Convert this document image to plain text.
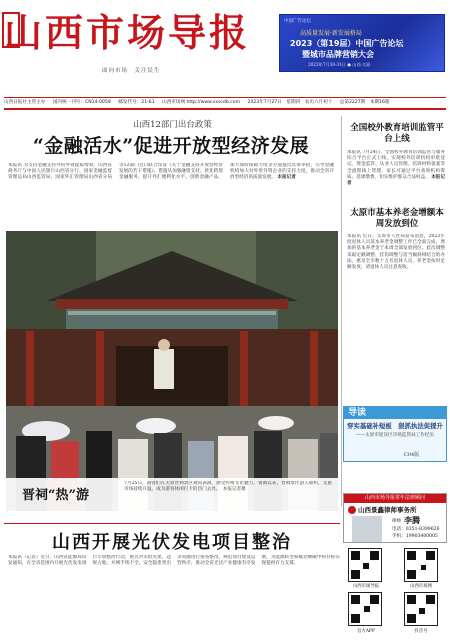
山西市场导报
面向市场　关注民生
中国广告论坛
高质量发展·新发展格局
2023（第19届）中国广告论坛
暨城市品牌营销大会
2023年7月30-31日 ● 山西·太原
山西日报社主管主办 国内统一刊号：CN14-0059 邮发代号：21-61 山西市场网 http://www.sxscdb.com 2023年7月27日　星期四　农历六月初十 总第2227期　本期16版
山西12部门出台政策
“金融活水”促进开放型经济发展
本报讯 为支持金融支持外贸外资提质增效，山西省商务厅与中国人民银行山西省分行、国家金融监督管理总局山西监管局、国家外汇管理局山西省分局等12部门近日联合印发《关于金融支持开放型经济发展的若干措施》。措施从加强融资支持、优化跨境金融服务、提升外汇便利化水平、创新金融产品、加大保险保障力度等方面提出具体举措，引导金融机构加大对外贸外资企业的支持力度，推动全省开放型经济高质量发展。 本报记者
晋祠“热”游
7月25日，游客们在太原晋祠景区观赏表演，感受传统文化魅力。暑期以来，晋祠景区游人如织，文旅市场持续升温，成为游客休闲打卡的热门去处。　本报记者摄
全国校外教育培训监管平台上线
本报讯 7月24日，全国校外教育培训监管与服务综合平台正式上线，实现校外培训机构审批登记、资金监管、从业人员管理、培训材料备案等全流程线上管理，家长可通过平台查询机构资质、选课缴费，切实维护群众合法权益。 本报记者
太原市基本养老金增额本周发放到位
本报讯 近日，太原市人社局发布消息，2023年度退休人员基本养老金调整工作已全面完成，增加的基本养老金于本周全部发放到位。此次调整采取定额调整、挂钩调整与适当倾斜相结合的办法，惠及全市数十万名退休人员，养老金按时足额发放，请退休人员注意查收。
导读
穿实基础补短板　狠抓执法促提升
——太原市迎泽区市场监管局工作纪实
C04版
山西市场导报常年法律顾问
山西景鑫律师事务所
律师 李腾
电话：0351-8399626
手机：19903400005
山西开展光伏发电项目整治
本报讯（记者）近日，山西省能源局印发通知，在全省范围内开展光伏发电项目专项整治行动，重点对未批先建、违规占地、并网手续不全、安全隐患突出等问题进行排查整改，规范项目建设运营秩序，推动全省光伏产业健康有序发展，为能源转型和碳达峰碳中和目标实现提供有力支撑。
山西市场导报	山西市场网
官方APP	抖音号
